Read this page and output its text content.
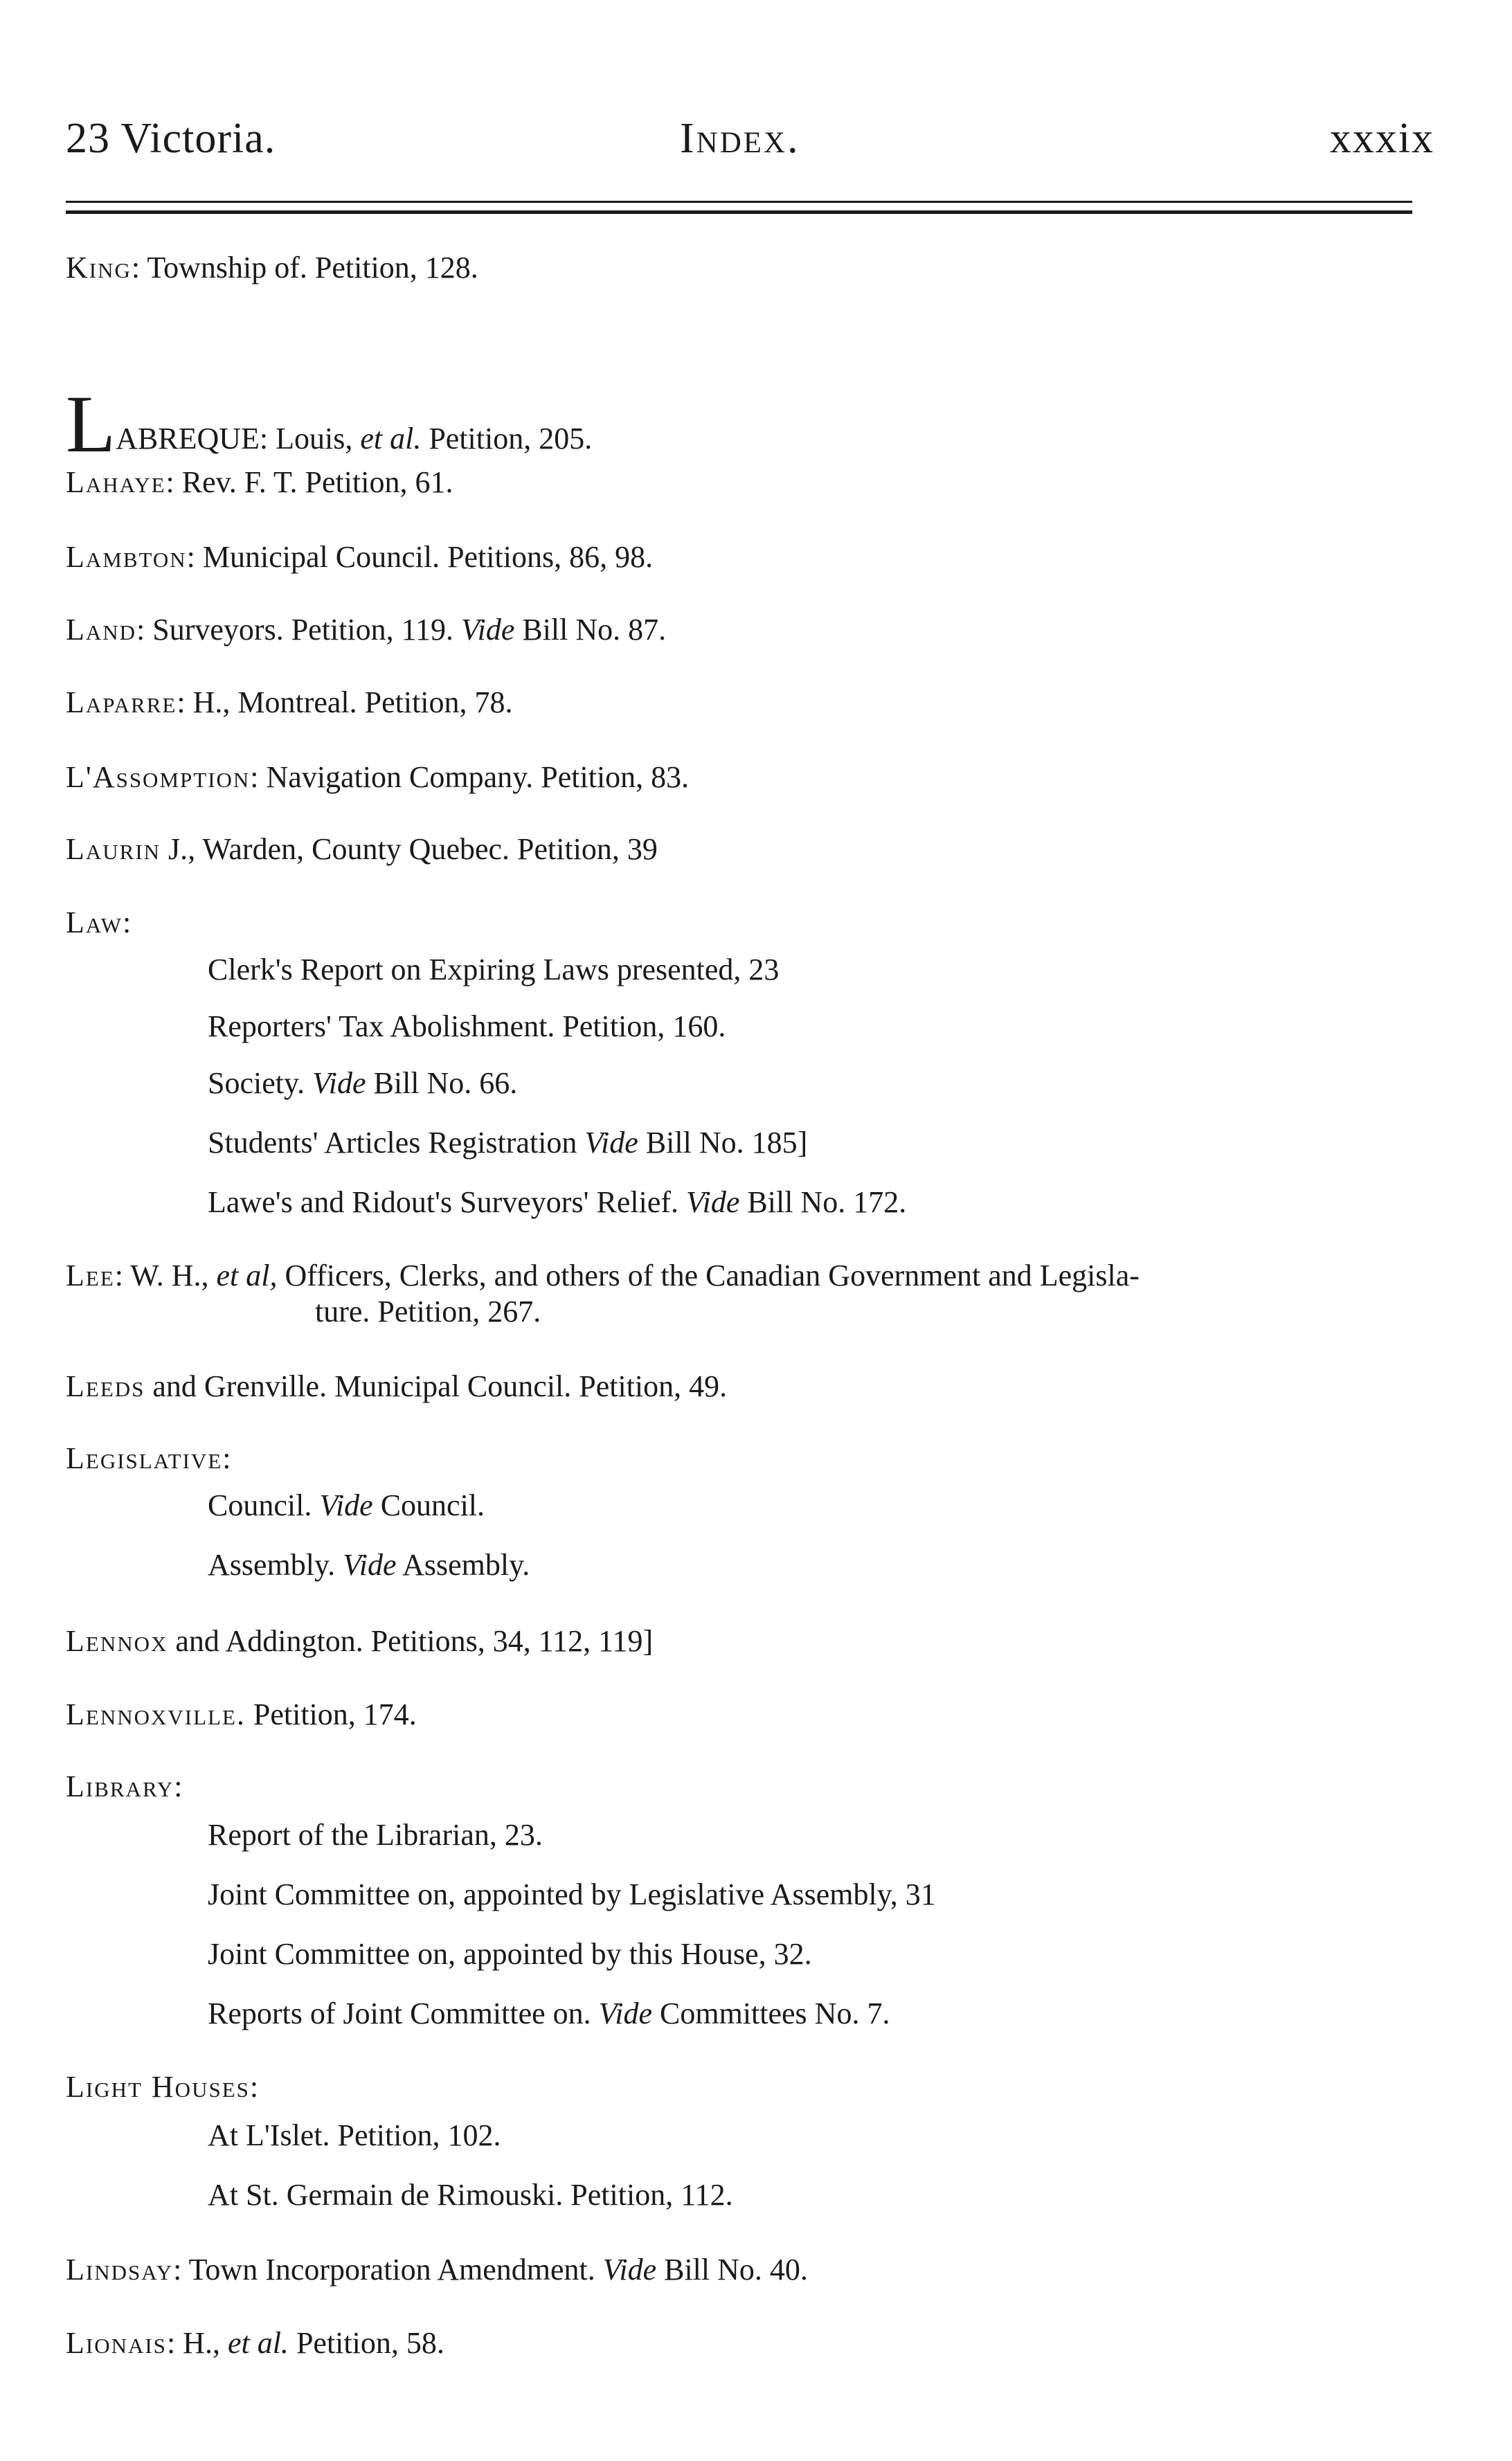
23 Victoria.	Index.	xxxix
King: Township of. Petition, 128.
LABREQUE: Louis, et al. Petition, 205.
Lahaye: Rev. F. T. Petition, 61.
Lambton: Municipal Council. Petitions, 86, 98.
Land: Surveyors. Petition, 119. Vide Bill No. 87.
Laparre: H., Montreal. Petition, 78.
L'Assomption: Navigation Company. Petition, 83.
Laurin J., Warden, County Quebec. Petition, 39
Law:
Clerk's Report on Expiring Laws presented, 23
Reporters' Tax Abolishment. Petition, 160.
Society. Vide Bill No. 66.
Students' Articles Registration Vide Bill No. 185]
Lawe's and Ridout's Surveyors' Relief. Vide Bill No. 172.
Lee: W. H., et al, Officers, Clerks, and others of the Canadian Government and Legisla-
ture. Petition, 267.
Leeds and Grenville. Municipal Council. Petition, 49.
Legislative:
Council. Vide Council.
Assembly. Vide Assembly.
Lennox and Addington. Petitions, 34, 112, 119]
Lennoxville. Petition, 174.
Library:
Report of the Librarian, 23.
Joint Committee on, appointed by Legislative Assembly, 31
Joint Committee on, appointed by this House, 32.
Reports of Joint Committee on. Vide Committees No. 7.
Light Houses:
At L'Islet. Petition, 102.
At St. Germain de Rimouski. Petition, 112.
Lindsay: Town Incorporation Amendment. Vide Bill No. 40.
Lionais: H., et al. Petition, 58.
